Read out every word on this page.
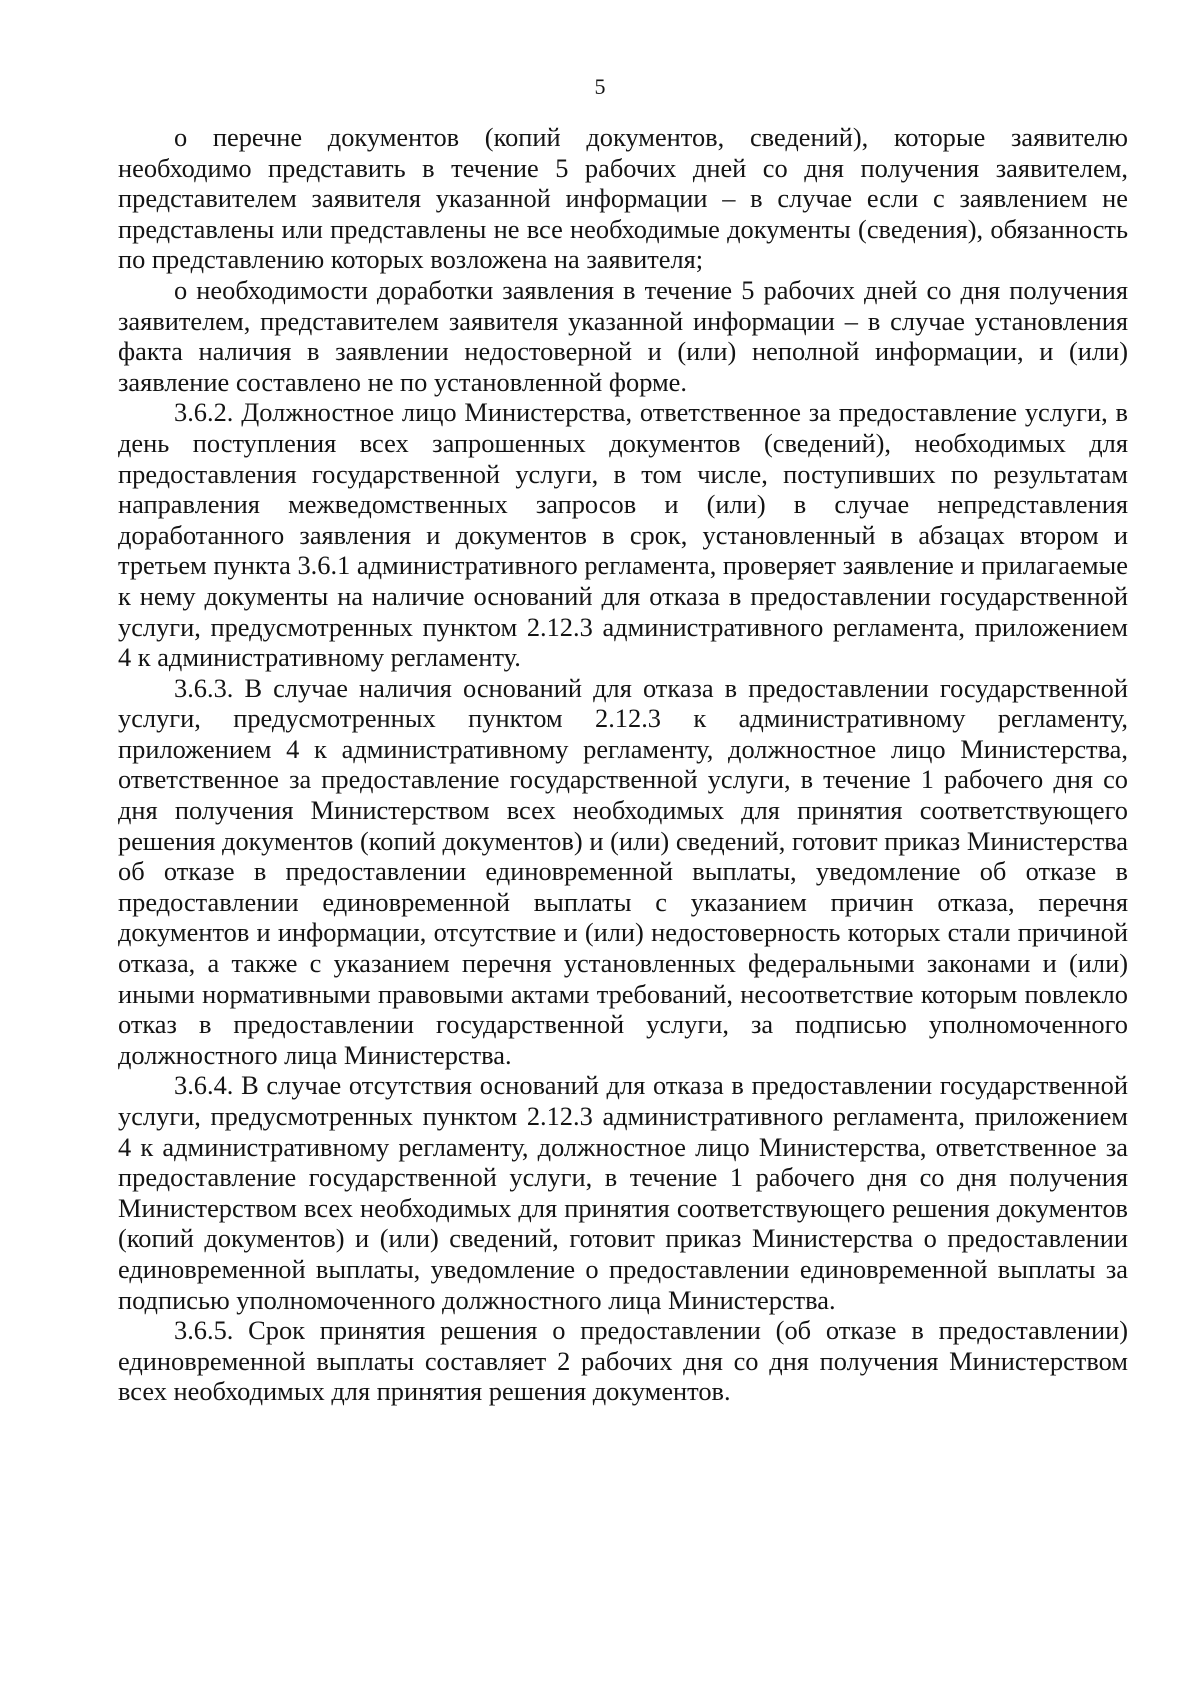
5

о перечне документов (копий документов, сведений), которые заявителю необходимо представить в течение 5 рабочих дней со дня получения заявителем, представителем заявителя указанной информации – в случае если с заявлением не представлены или представлены не все необходимые документы (сведения), обязанность по представлению которых возложена на заявителя;

о необходимости доработки заявления в течение 5 рабочих дней со дня получения заявителем, представителем заявителя указанной информации – в случае установления факта наличия в заявлении недостоверной и (или) неполной информации, и (или) заявление составлено не по установленной форме.

3.6.2. Должностное лицо Министерства, ответственное за предоставление услуги, в день поступления всех запрошенных документов (сведений), необходимых для предоставления государственной услуги, в том числе, поступивших по результатам направления межведомственных запросов и (или) в случае непредставления доработанного заявления и документов в срок, установленный в абзацах втором и третьем пункта 3.6.1 административного регламента, проверяет заявление и прилагаемые к нему документы на наличие оснований для отказа в предоставлении государственной услуги, предусмотренных пунктом 2.12.3 административного регламента, приложением 4 к административному регламенту.

3.6.3. В случае наличия оснований для отказа в предоставлении государственной услуги, предусмотренных пунктом 2.12.3 к административному регламенту, приложением 4 к административному регламенту, должностное лицо Министерства, ответственное за предоставление государственной услуги, в течение 1 рабочего дня со дня получения Министерством всех необходимых для принятия соответствующего решения документов (копий документов) и (или) сведений, готовит приказ Министерства об отказе в предоставлении единовременной выплаты, уведомление об отказе в предоставлении единовременной выплаты с указанием причин отказа, перечня документов и информации, отсутствие и (или) недостоверность которых стали причиной отказа, а также с указанием перечня установленных федеральными законами и (или) иными нормативными правовыми актами требований, несоответствие которым повлекло отказ в предоставлении государственной услуги, за подписью уполномоченного должностного лица Министерства.

3.6.4. В случае отсутствия оснований для отказа в предоставлении государственной услуги, предусмотренных пунктом 2.12.3 административного регламента, приложением 4 к административному регламенту, должностное лицо Министерства, ответственное за предоставление государственной услуги, в течение 1 рабочего дня со дня получения Министерством всех необходимых для принятия соответствующего решения документов (копий документов) и (или) сведений, готовит приказ Министерства о предоставлении единовременной выплаты, уведомление о предоставлении единовременной выплаты за подписью уполномоченного должностного лица Министерства.

3.6.5. Срок принятия решения о предоставлении (об отказе в предоставлении) единовременной выплаты составляет 2 рабочих дня со дня получения Министерством всех необходимых для принятия решения документов.
